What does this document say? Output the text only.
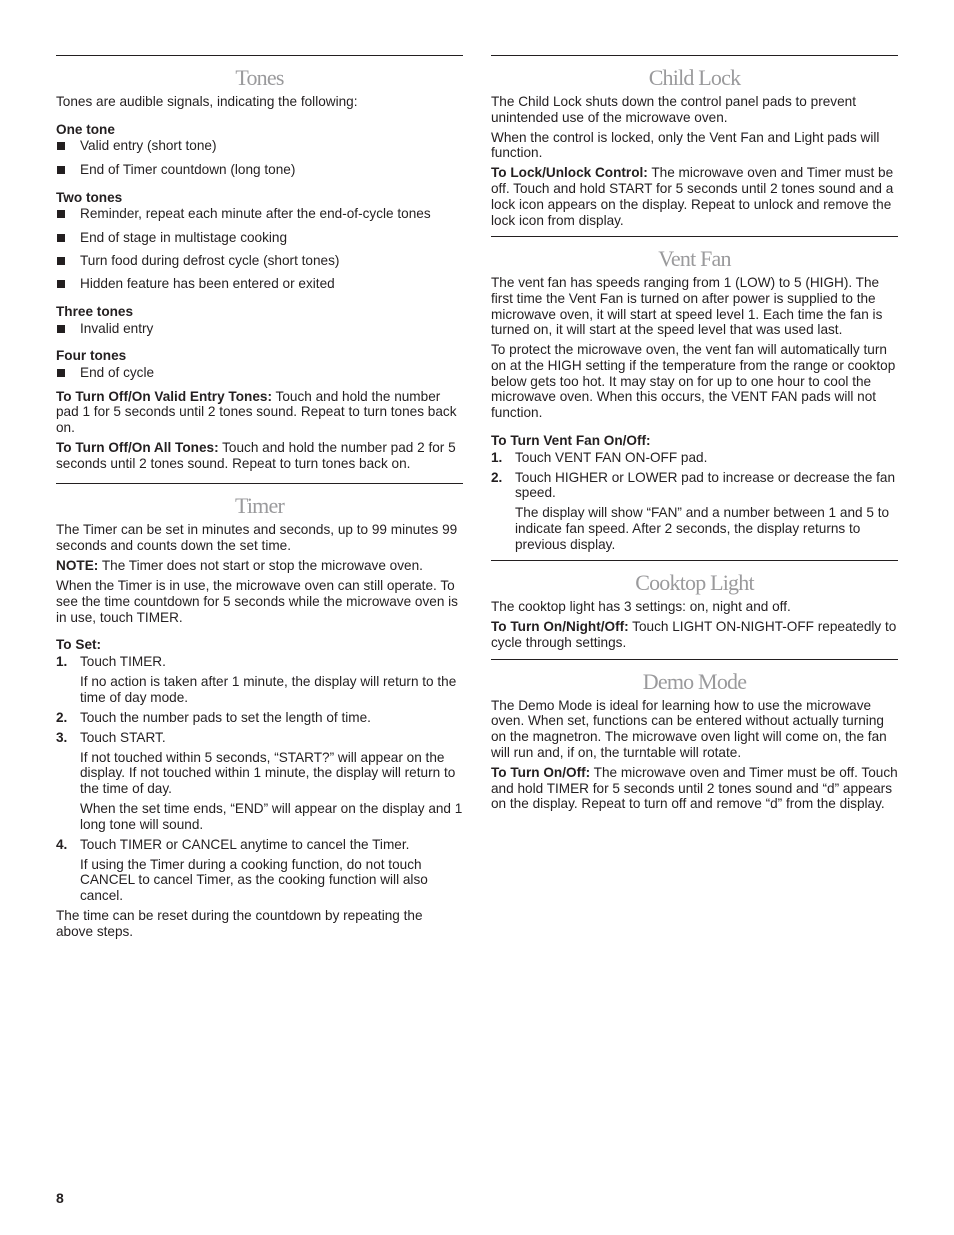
Tones

Tones are audible signals, indicating the following:

One tone
Valid entry (short tone)
End of Timer countdown (long tone)
Two tones
Reminder, repeat each minute after the end-of-cycle tones
End of stage in multistage cooking
Turn food during defrost cycle (short tones)
Hidden feature has been entered or exited
Three tones
Invalid entry
Four tones
End of cycle

To Turn Off/On Valid Entry Tones: Touch and hold the number pad 1 for 5 seconds until 2 tones sound. Repeat to turn tones back on.

To Turn Off/On All Tones: Touch and hold the number pad 2 for 5 seconds until 2 tones sound. Repeat to turn tones back on.

Timer

The Timer can be set in minutes and seconds, up to 99 minutes 99 seconds and counts down the set time.

NOTE: The Timer does not start or stop the microwave oven.

When the Timer is in use, the microwave oven can still operate. To see the time countdown for 5 seconds while the microwave oven is in use, touch TIMER.

To Set:
1. Touch TIMER.

If no action is taken after 1 minute, the display will return to the time of day mode.

2. Touch the number pads to set the length of time.
3. Touch START.

If not touched within 5 seconds, “START?” will appear on the display. If not touched within 1 minute, the display will return to the time of day.

When the set time ends, “END” will appear on the display and 1 long tone will sound.

4. Touch TIMER or CANCEL anytime to cancel the Timer.

If using the Timer during a cooking function, do not touch CANCEL to cancel Timer, as the cooking function will also cancel.

The time can be reset during the countdown by repeating the above steps.

Child Lock

The Child Lock shuts down the control panel pads to prevent unintended use of the microwave oven.

When the control is locked, only the Vent Fan and Light pads will function.

To Lock/Unlock Control: The microwave oven and Timer must be off. Touch and hold START for 5 seconds until 2 tones sound and a lock icon appears on the display. Repeat to unlock and remove the lock icon from display.

Vent Fan

The vent fan has speeds ranging from 1 (LOW) to 5 (HIGH). The first time the Vent Fan is turned on after power is supplied to the microwave oven, it will start at speed level 1. Each time the fan is turned on, it will start at the speed level that was used last.

To protect the microwave oven, the vent fan will automatically turn on at the HIGH setting if the temperature from the range or cooktop below gets too hot. It may stay on for up to one hour to cool the microwave oven. When this occurs, the VENT FAN pads will not function.

To Turn Vent Fan On/Off:
1. Touch VENT FAN ON-OFF pad.
2. Touch HIGHER or LOWER pad to increase or decrease the fan speed.

The display will show “FAN” and a number between 1 and 5 to indicate fan speed. After 2 seconds, the display returns to previous display.

Cooktop Light

The cooktop light has 3 settings: on, night and off.

To Turn On/Night/Off: Touch LIGHT ON-NIGHT-OFF repeatedly to cycle through settings.

Demo Mode

The Demo Mode is ideal for learning how to use the microwave oven. When set, functions can be entered without actually turning on the magnetron. The microwave oven light will come on, the fan will run and, if on, the turntable will rotate.

To Turn On/Off: The microwave oven and Timer must be off. Touch and hold TIMER for 5 seconds until 2 tones sound and “d” appears on the display. Repeat to turn off and remove “d” from the display.

8
